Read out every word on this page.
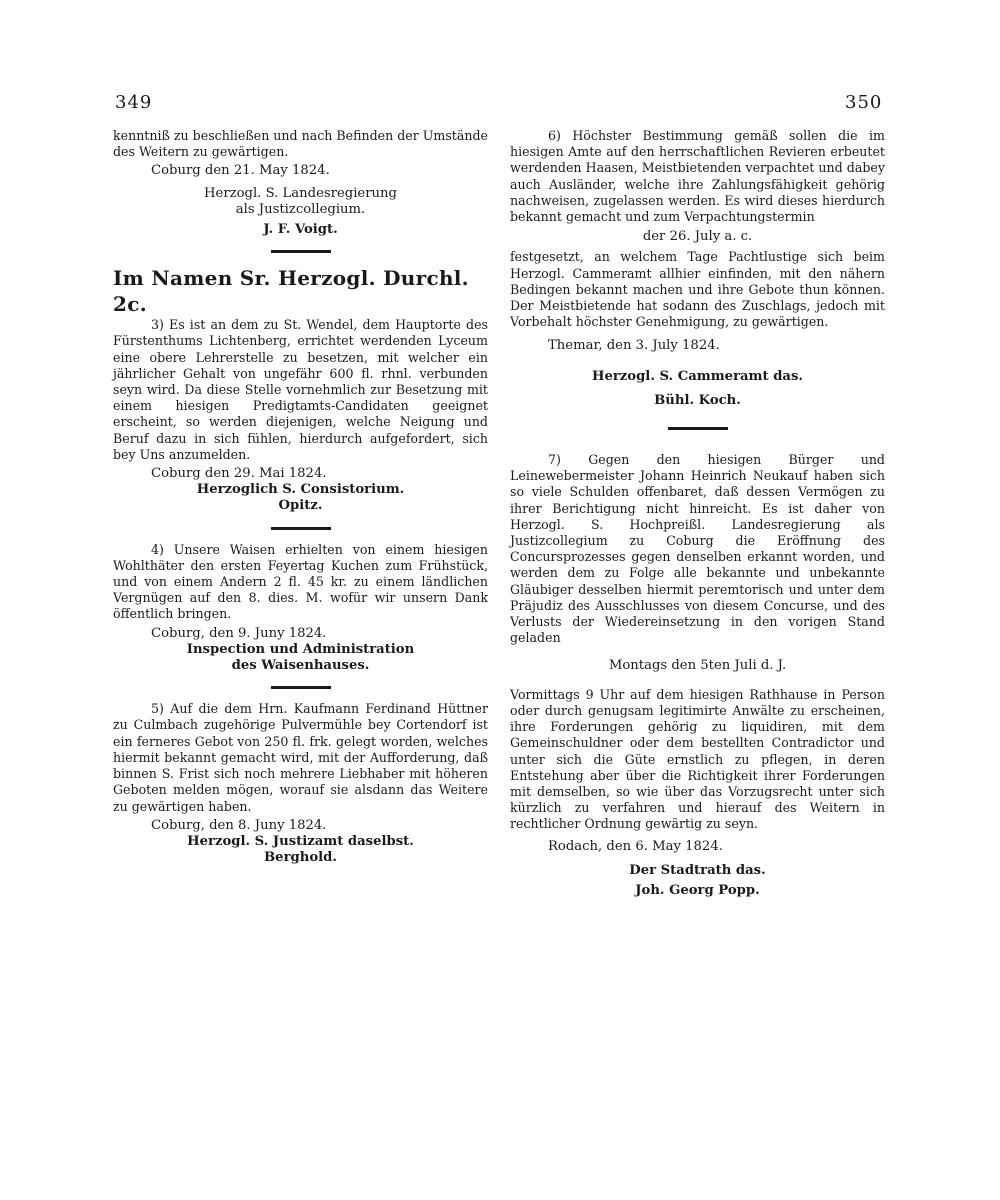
349	350

kenntniß zu beschließen und nach Befinden der Umstände des Weitern zu gewärtigen.

Coburg den 21. May 1824.

Herzogl. S. Landesregierung

als Justizcollegium.

J. F. Voigt.

Im Namen Sr. Herzogl. Durchl. 2c.

3) Es ist an dem zu St. Wendel, dem Hauptorte des Fürstenthums Lichtenberg, errichtet werdenden Lyceum eine obere Lehrerstelle zu besetzen, mit welcher ein jährlicher Gehalt von ungefähr 600 fl. rhnl. verbunden seyn wird. Da diese Stelle vornehmlich zur Besetzung mit einem hiesigen Predigtamts-Candidaten geeignet erscheint, so werden diejenigen, welche Neigung und Beruf dazu in sich fühlen, hierdurch aufgefordert, sich bey Uns anzumelden.

Coburg den 29. Mai 1824.

Herzoglich S. Consistorium.

Opitz.

4) Unsere Waisen erhielten von einem hiesigen Wohlthäter den ersten Feyertag Kuchen zum Frühstück, und von einem Andern 2 fl. 45 kr. zu einem ländlichen Vergnügen auf den 8. dies. M. wofür wir unsern Dank öffentlich bringen.

Coburg, den 9. Juny 1824.

Inspection und Administration

des Waisenhauses.

5) Auf die dem Hrn. Kaufmann Ferdinand Hüttner zu Culmbach zugehörige Pulvermühle bey Cortendorf ist ein ferneres Gebot von 250 fl. frk. gelegt worden, welches hiermit bekannt gemacht wird, mit der Aufforderung, daß binnen S. Frist sich noch mehrere Liebhaber mit höheren Geboten melden mögen, worauf sie alsdann das Weitere zu gewärtigen haben.

Coburg, den 8. Juny 1824.

Herzogl. S. Justizamt daselbst.

Berghold.

6) Höchster Bestimmung gemäß sollen die im hiesigen Amte auf den herrschaftlichen Revieren erbeutet werdenden Haasen, Meistbietenden verpachtet und dabey auch Ausländer, welche ihre Zahlungsfähigkeit gehörig nachweisen, zugelassen werden. Es wird dieses hierdurch bekannt gemacht und zum Verpachtungstermin

der 26. July a. c.

festgesetzt, an welchem Tage Pachtlustige sich beim Herzogl. Cammeramt allhier einfinden, mit den nähern Bedingen bekannt machen und ihre Gebote thun können. Der Meistbietende hat sodann des Zuschlags, jedoch mit Vorbehalt höchster Genehmigung, zu gewärtigen.

Themar, den 3. July 1824.

Herzogl. S. Cammeramt das.

Bühl. Koch.

7) Gegen den hiesigen Bürger und Leinewebermeister Johann Heinrich Neukauf haben sich so viele Schulden offenbaret, daß dessen Vermögen zu ihrer Berichtigung nicht hinreicht. Es ist daher von Herzogl. S. Hochpreißl. Landesregierung als Justizcollegium zu Coburg die Eröffnung des Concursprozesses gegen denselben erkannt worden, und werden dem zu Folge alle bekannte und unbekannte Gläubiger desselben hiermit peremtorisch und unter dem Präjudiz des Ausschlusses von diesem Concurse, und des Verlusts der Wiedereinsetzung in den vorigen Stand geladen

Montags den 5ten Juli d. J.

Vormittags 9 Uhr auf dem hiesigen Rathhause in Person oder durch genugsam legitimirte Anwälte zu erscheinen, ihre Forderungen gehörig zu liquidiren, mit dem Gemeinschuldner oder dem bestellten Contradictor und unter sich die Güte ernstlich zu pflegen, in deren Entstehung aber über die Richtigkeit ihrer Forderungen mit demselben, so wie über das Vorzugsrecht unter sich kürzlich zu verfahren und hierauf des Weitern in rechtlicher Ordnung gewärtig zu seyn.

Rodach, den 6. May 1824.

Der Stadtrath das.

Joh. Georg Popp.
